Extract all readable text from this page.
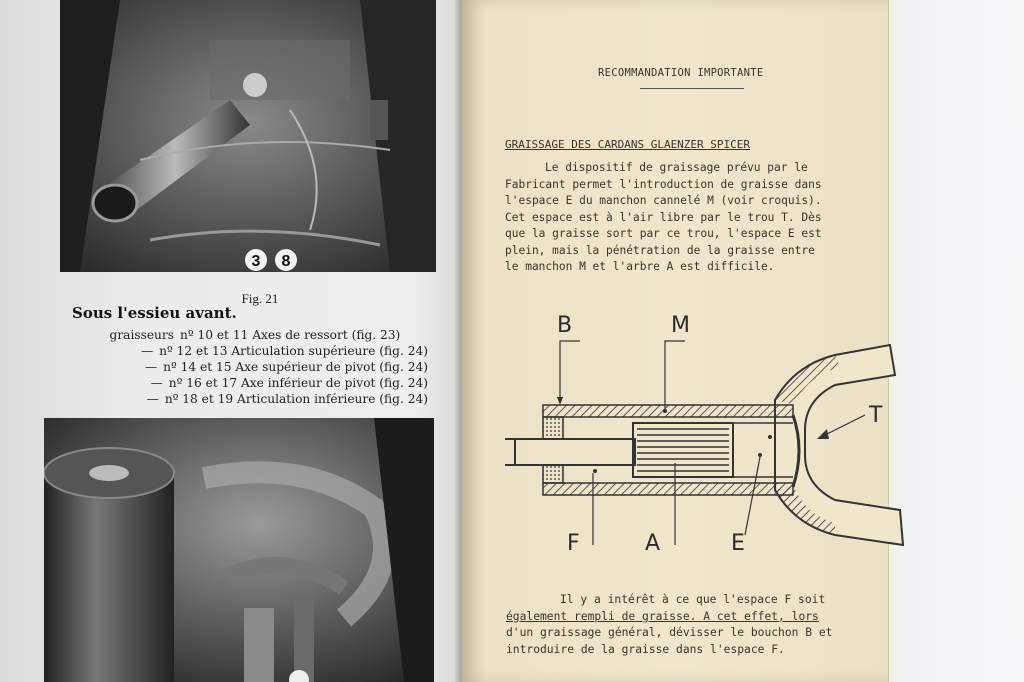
3 8
Fig. 21
Sous l'essieu avant.
graisseurs nº 10 et 11 Axes de ressort (fig. 23)
— nº 12 et 13 Articulation supérieure (fig. 24)
— nº 14 et 15 Axe supérieur de pivot (fig. 24)
— nº 16 et 17 Axe inférieur de pivot (fig. 24)
— nº 18 et 19 Articulation inférieure (fig. 24)
RECOMMANDATION IMPORTANTE
GRAISSAGE DES CARDANS GLAENZER SPICER

Le dispositif de graissage prévu par le

Fabricant permet l'introduction de graisse dans

l'espace E du manchon cannelé M (voir croquis).

Cet espace est à l'air libre par le trou T. Dès

que la graisse sort par ce trou, l'espace E est

plein, mais la pénétration de la graisse entre

le manchon M et l'arbre A est difficile.

B	M
T
F	A	E

Il y a intérêt à ce que l'espace F soit

également rempli de graisse. A cet effet, lors

d'un graissage général, dévisser le bouchon B et

introduire de la graisse dans l'espace F.
